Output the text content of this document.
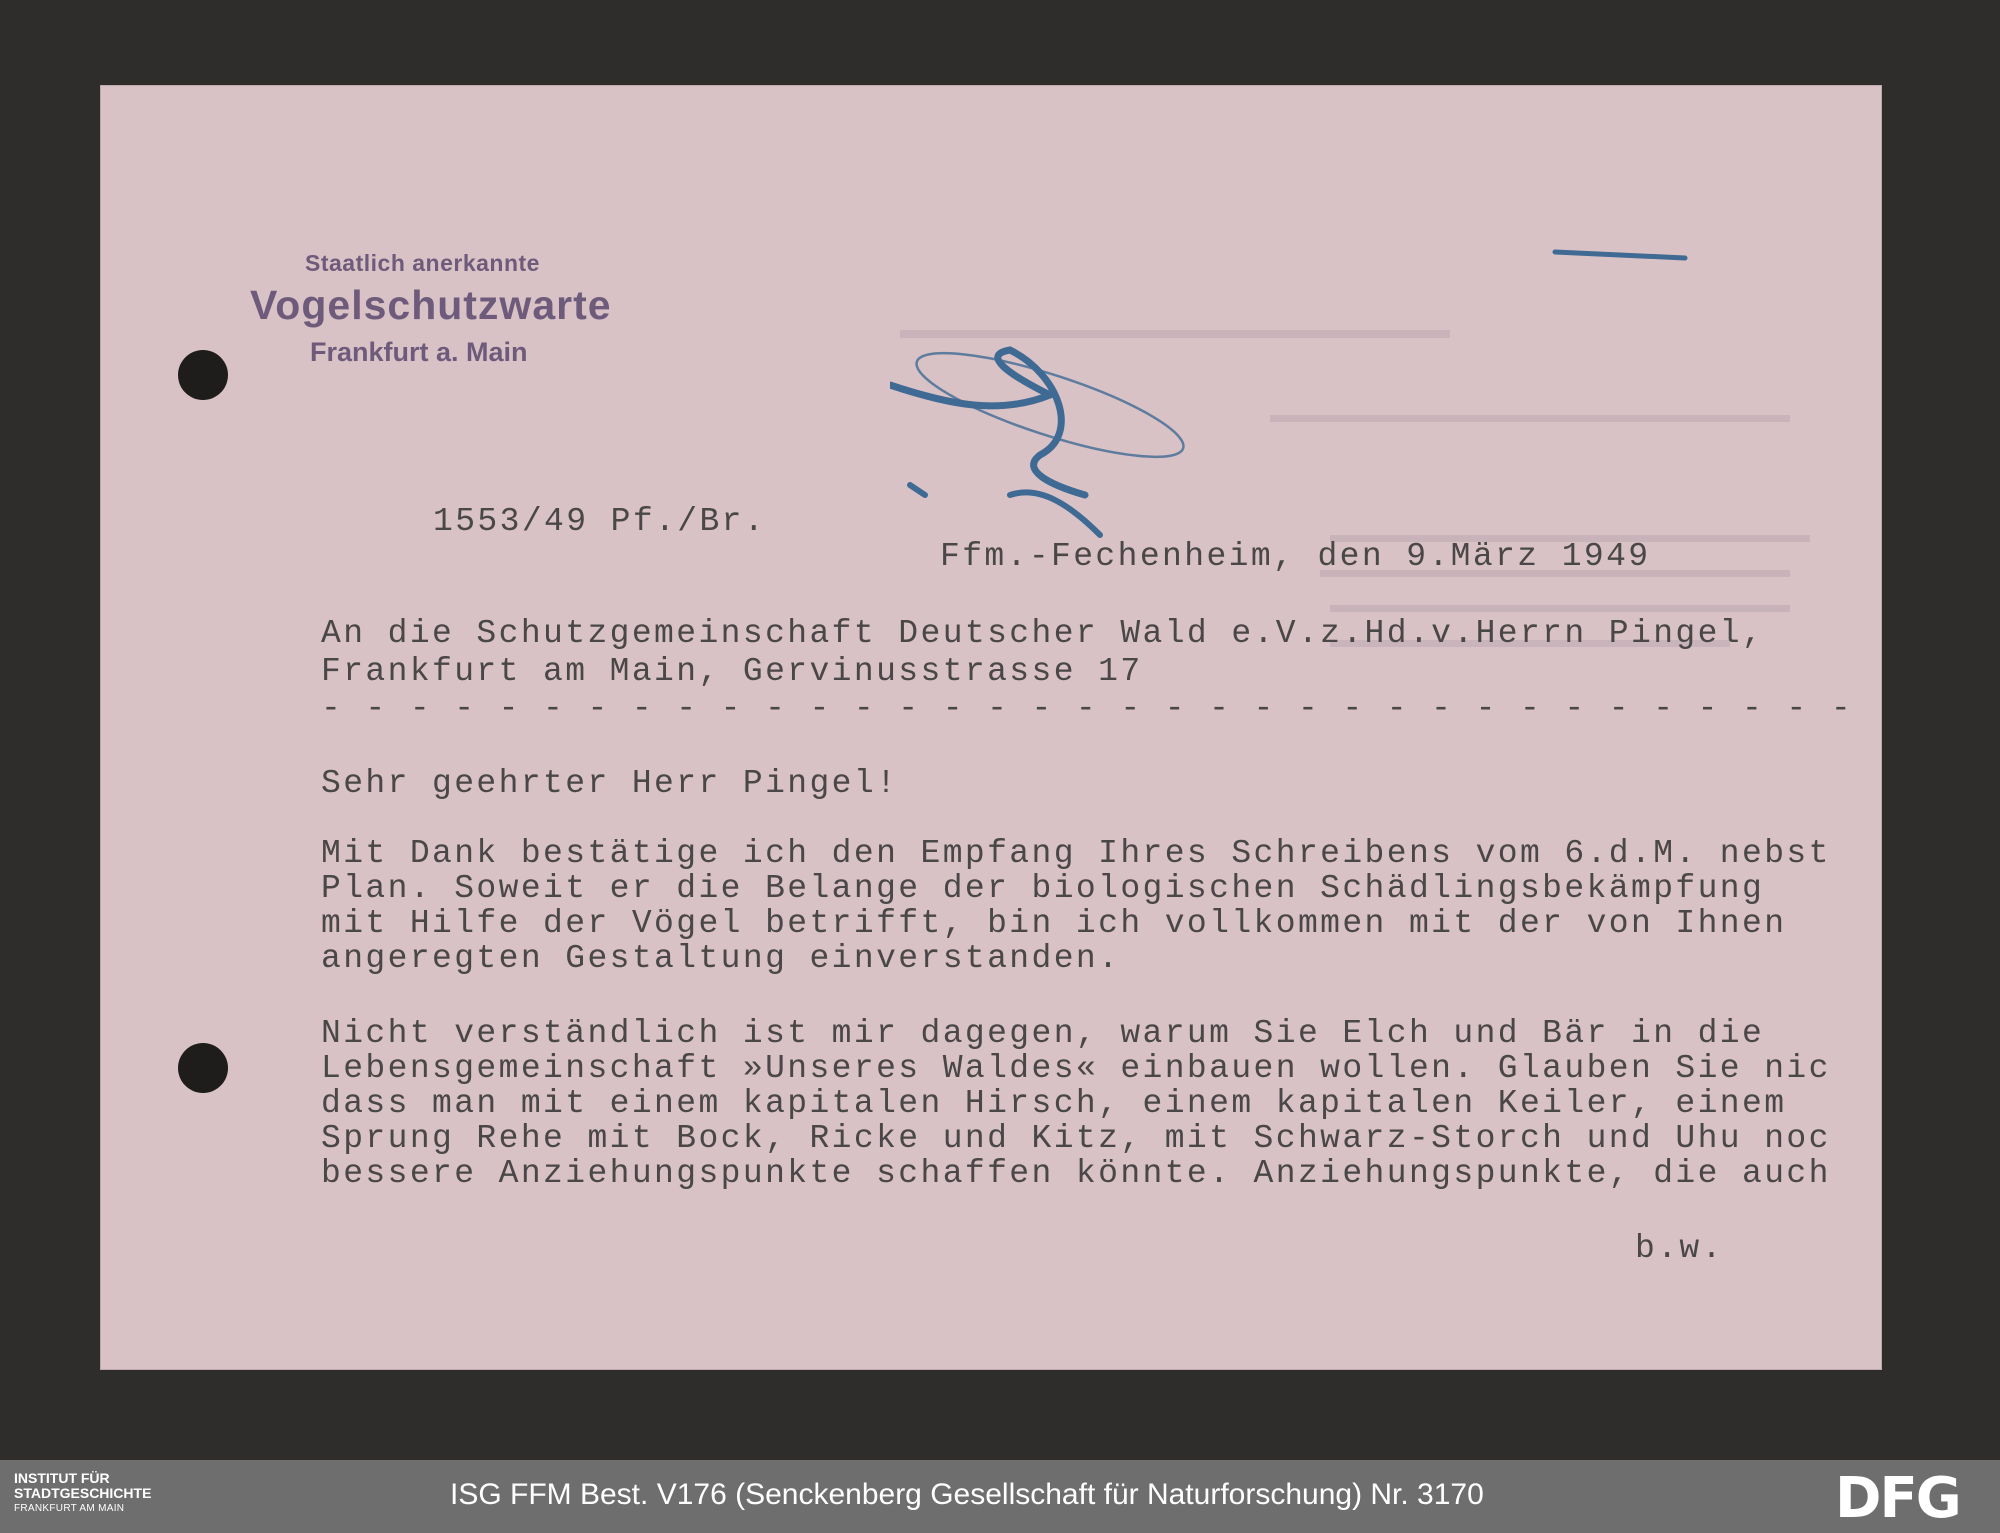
Staatlich anerkannte
Vogelschutzwarte
Frankfurt a. Main
1553/49 Pf./Br.
Ffm.-Fechenheim, den 9.März 1949
An die Schutzgemeinschaft Deutscher Wald e.V.z.Hd.v.Herrn Pingel,
Frankfurt am Main, Gervinusstrasse 17
- - - - - - - - - - - - - - - - - - - - - - - - - - - - - - - - - - -
Sehr geehrter Herr Pingel!
Mit Dank bestätige ich den Empfang Ihres Schreibens vom 6.d.M. nebst
Plan. Soweit er die Belange der biologischen Schädlingsbekämpfung
mit Hilfe der Vögel betrifft, bin ich vollkommen mit der von Ihnen
angeregten Gestaltung einverstanden.
Nicht verständlich ist mir dagegen, warum Sie Elch und Bär in die
Lebensgemeinschaft »Unseres Waldes« einbauen wollen. Glauben Sie nic
dass man mit einem kapitalen Hirsch, einem kapitalen Keiler, einem
Sprung Rehe mit Bock, Ricke und Kitz, mit Schwarz-Storch und Uhu noc
bessere Anziehungspunkte schaffen könnte. Anziehungspunkte, die auch
b.w.
INSTITUT FÜR
STADTGESCHICHTE
FRANKFURT AM MAIN	ISG FFM Best. V176 (Senckenberg Gesellschaft für Naturforschung) Nr. 3170	DFG
